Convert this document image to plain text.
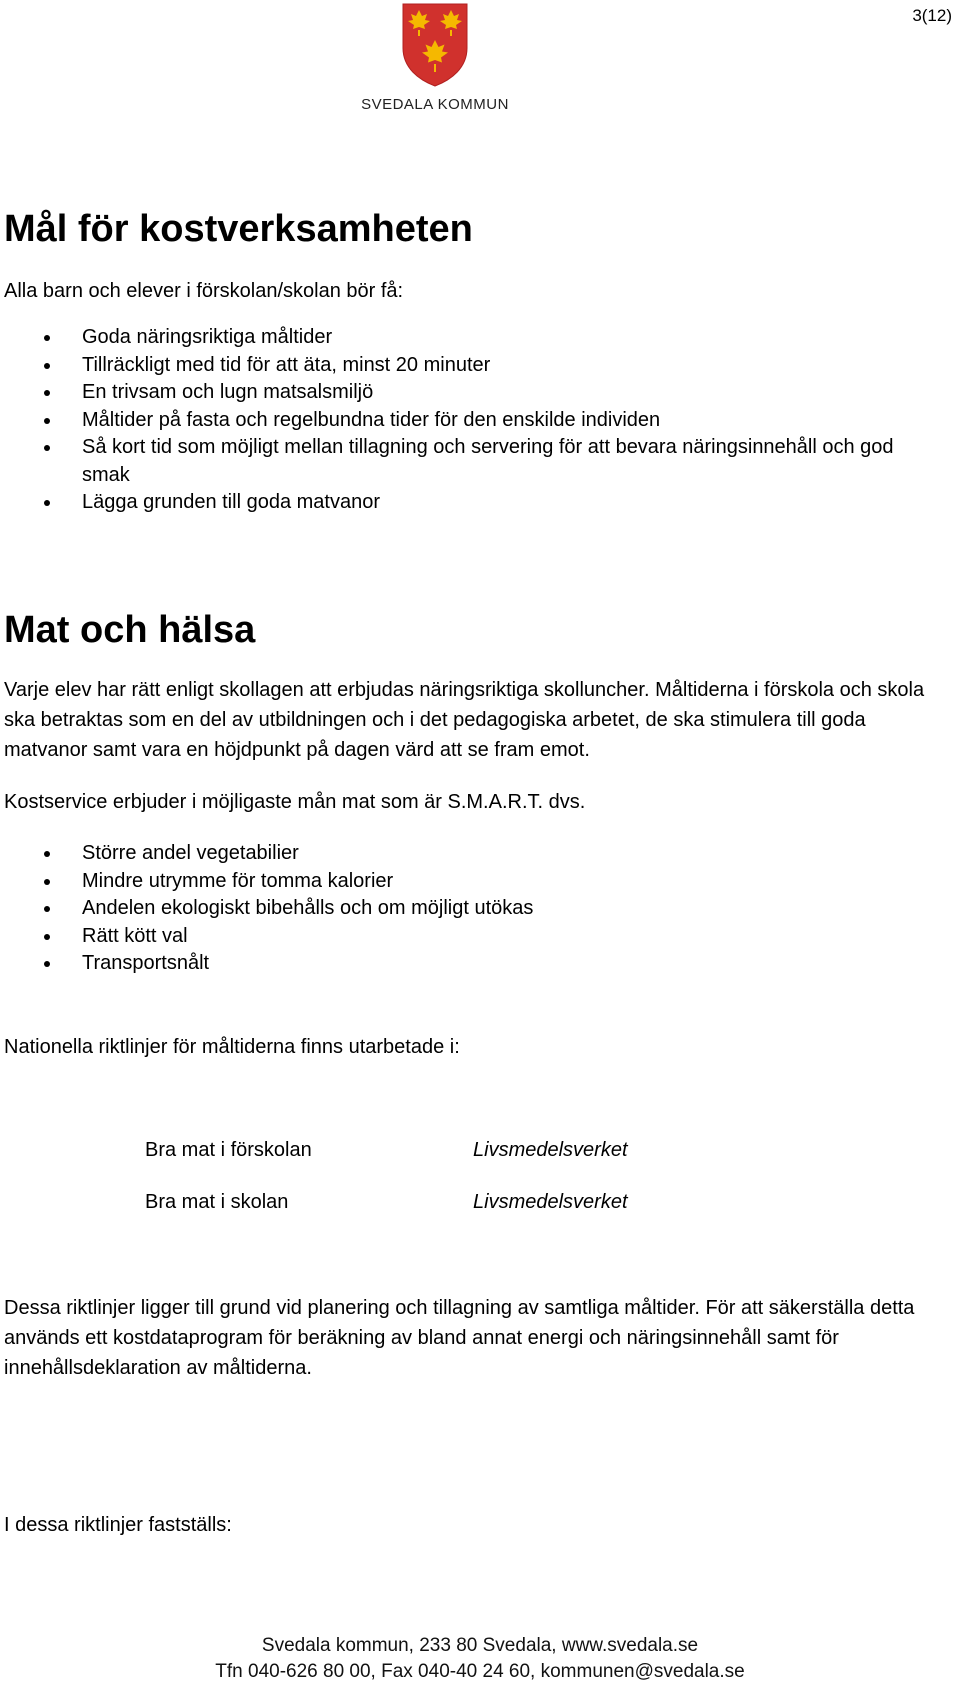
3(12)
SVEDALA KOMMUN
Mål för kostverksamheten

Alla barn och elever i förskolan/skolan bör få:

Goda näringsriktiga måltider
Tillräckligt med tid för att äta, minst 20 minuter
En trivsam och lugn matsalsmiljö
Måltider på fasta och regelbundna tider för den enskilde individen
Så kort tid som möjligt mellan tillagning och servering för att bevara näringsinnehåll och god smak
Lägga grunden till goda matvanor
Mat och hälsa

Varje elev har rätt enligt skollagen att erbjudas näringsriktiga skolluncher. Måltiderna i förskola och skola ska betraktas som en del av utbildningen och i det pedagogiska arbetet, de ska stimulera till goda matvanor samt vara en höjdpunkt på dagen värd att se fram emot.

Kostservice erbjuder i möjligaste mån mat som är S.M.A.R.T. dvs.

Större andel vegetabilier
Mindre utrymme för tomma kalorier
Andelen ekologiskt bibehålls och om möjligt utökas
Rätt kött val
Transportsnålt

Nationella riktlinjer för måltiderna finns utarbetade i:

Bra mat i förskolan	Livsmedelsverket
Bra mat i skolan	Livsmedelsverket

Dessa riktlinjer ligger till grund vid planering och tillagning av samtliga måltider. För att säkerställa detta används ett kostdataprogram för beräkning av bland annat energi och näringsinnehåll samt för innehållsdeklaration av måltiderna.

I dessa riktlinjer fastställs:

Svedala kommun, 233 80 Svedala, www.svedala.se
Tfn 040-626 80 00, Fax 040-40 24 60, kommunen@svedala.se
